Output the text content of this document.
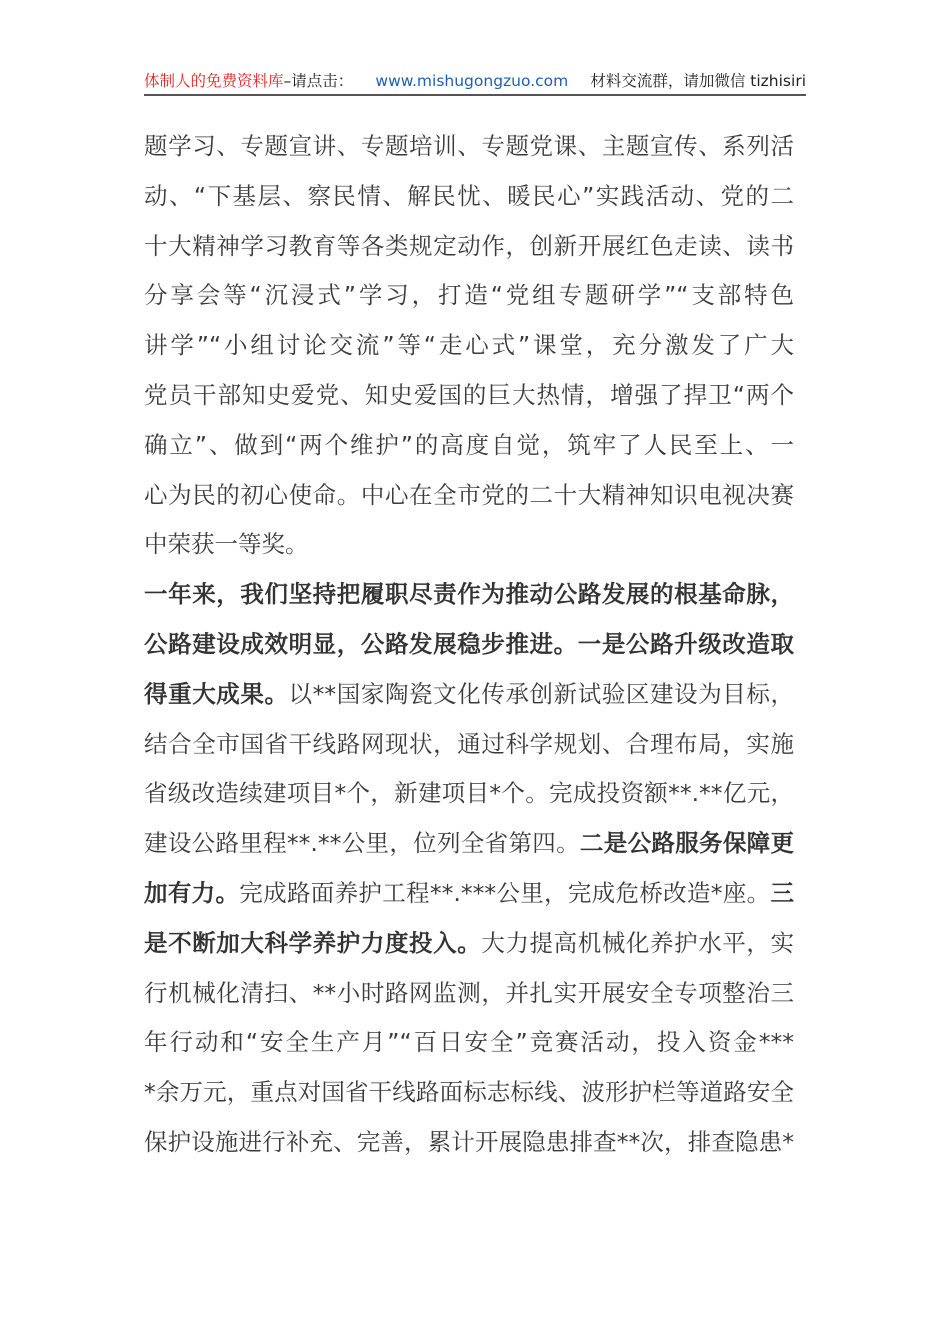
体制人的免费资料库–请点击： www.mishugongzuo.com 材料交流群，请加微信 tizhisiri
题学习、专题宣讲、专题培训、专题党课、主题宣传、系列活
动、“下基层、察民情、解民忧、暖民心”实践活动、党的二
十大精神学习教育等各类规定动作，创新开展红色走读、读书
分享会等“沉浸式”学习，打造“党组专题研学”“支部特色
讲学”“小组讨论交流”等“走心式”课堂，充分激发了广大
党员干部知史爱党、知史爱国的巨大热情，增强了捍卫“两个
确立”、做到“两个维护”的高度自觉，筑牢了人民至上、一
心为民的初心使命。中心在全市党的二十大精神知识电视决赛
中荣获一等奖。
一年来，我们坚持把履职尽责作为推动公路发展的根基命脉，
公路建设成效明显，公路发展稳步推进。一是公路升级改造取
得重大成果。以**国家陶瓷文化传承创新试验区建设为目标，
结合全市国省干线路网现状，通过科学规划、合理布局，实施
省级改造续建项目*个，新建项目*个。完成投资额**.**亿元，
建设公路里程**.**公里，位列全省第四。二是公路服务保障更
加有力。完成路面养护工程**.***公里，完成危桥改造*座。三
是不断加大科学养护力度投入。大力提高机械化养护水平，实
行机械化清扫、**小时路网监测，并扎实开展安全专项整治三
年行动和“安全生产月”“百日安全”竞赛活动，投入资金***
*余万元，重点对国省干线路面标志标线、波形护栏等道路安全
保护设施进行补充、完善，累计开展隐患排查**次，排查隐患*
